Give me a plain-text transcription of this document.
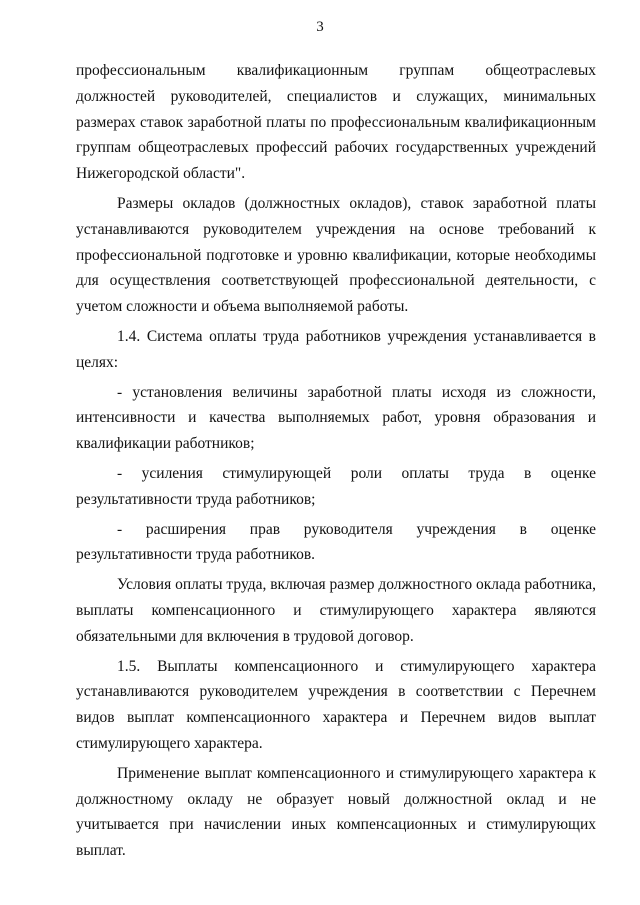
3

профессиональным квалификационным группам общеотраслевых должностей руководителей, специалистов и служащих, минимальных размерах ставок заработной платы по профессиональным квалификационным группам общеотраслевых профессий рабочих государственных учреждений Нижегородской области".

Размеры окладов (должностных окладов), ставок заработной платы устанавливаются руководителем учреждения на основе требований к профессиональной подготовке и уровню квалификации, которые необходимы для осуществления соответствующей профессиональной деятельности, с учетом сложности и объема выполняемой работы.

1.4. Система оплаты труда работников учреждения устанавливается в целях:

- установления величины заработной платы исходя из сложности, интенсивности и качества выполняемых работ, уровня образования и квалификации работников;

- усиления стимулирующей роли оплаты труда в оценке результативности труда работников;

- расширения прав руководителя учреждения в оценке результативности труда работников.

Условия оплаты труда, включая размер должностного оклада работника, выплаты компенсационного и стимулирующего характера являются обязательными для включения в трудовой договор.

1.5. Выплаты компенсационного и стимулирующего характера устанавливаются руководителем учреждения в соответствии с Перечнем видов выплат компенсационного характера и Перечнем видов выплат стимулирующего характера.

Применение выплат компенсационного и стимулирующего характера к должностному окладу не образует новый должностной оклад и не учитывается при начислении иных компенсационных и стимулирующих выплат.
